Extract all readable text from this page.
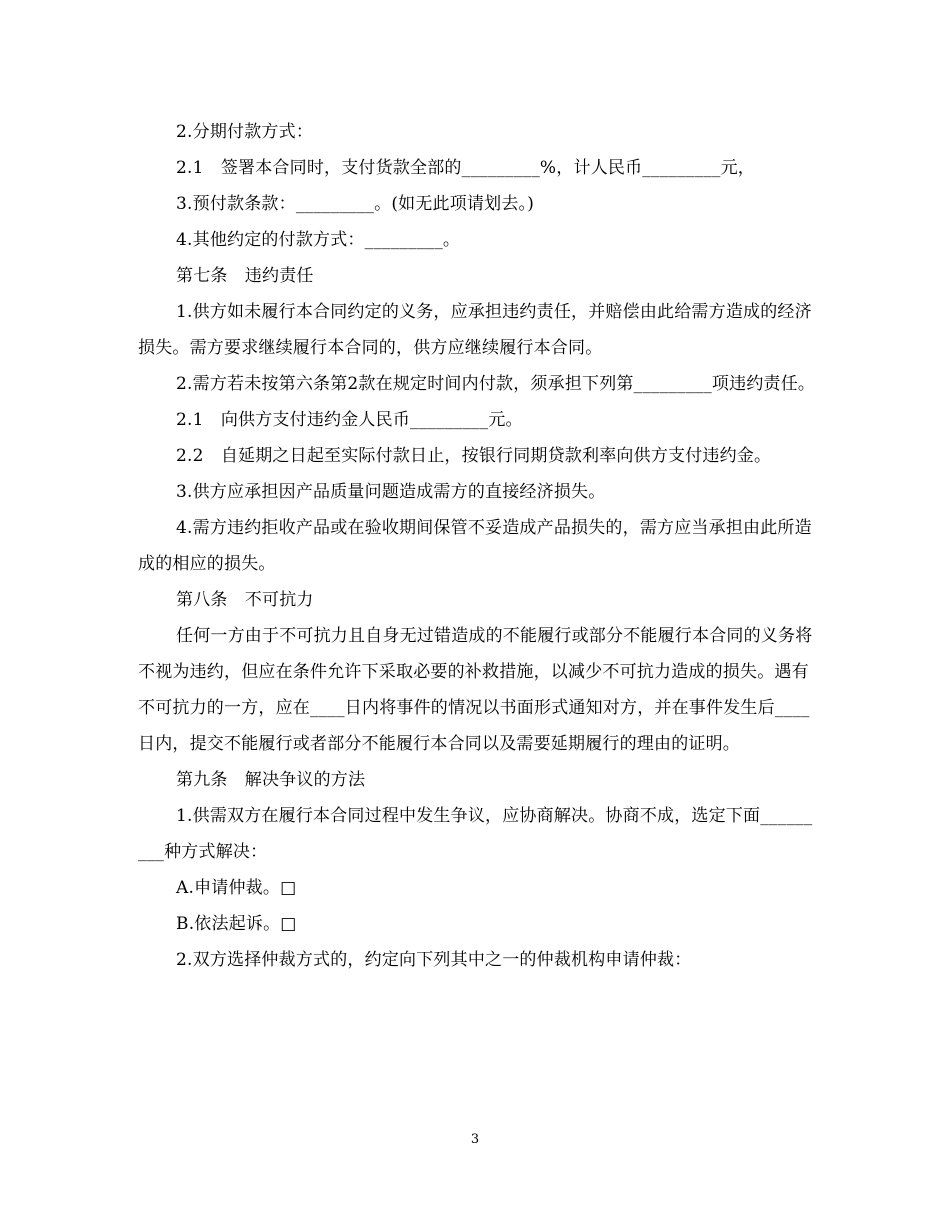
2.分期付款方式：

2.1　签署本合同时，支付货款全部的_________%，计人民币_________元，

3.预付款条款：_________。(如无此项请划去。)

4.其他约定的付款方式：_________。

第七条　违约责任

1.供方如未履行本合同约定的义务，应承担违约责任，并赔偿由此给需方造成的经济损失。需方要求继续履行本合同的，供方应继续履行本合同。

2.需方若未按第六条第2款在规定时间内付款，须承担下列第_________项违约责任。

2.1　向供方支付违约金人民币_________元。

2.2　自延期之日起至实际付款日止，按银行同期贷款利率向供方支付违约金。

3.供方应承担因产品质量问题造成需方的直接经济损失。

4.需方违约拒收产品或在验收期间保管不妥造成产品损失的，需方应当承担由此所造成的相应的损失。

第八条　不可抗力

任何一方由于不可抗力且自身无过错造成的不能履行或部分不能履行本合同的义务将不视为违约，但应在条件允许下采取必要的补救措施，以减少不可抗力造成的损失。遇有不可抗力的一方，应在____日内将事件的情况以书面形式通知对方，并在事件发生后____日内，提交不能履行或者部分不能履行本合同以及需要延期履行的理由的证明。

第九条　解决争议的方法

1.供需双方在履行本合同过程中发生争议，应协商解决。协商不成，选定下面_________种方式解决：

A.申请仲裁。□

B.依法起诉。□

2.双方选择仲裁方式的，约定向下列其中之一的仲裁机构申请仲裁：

3
